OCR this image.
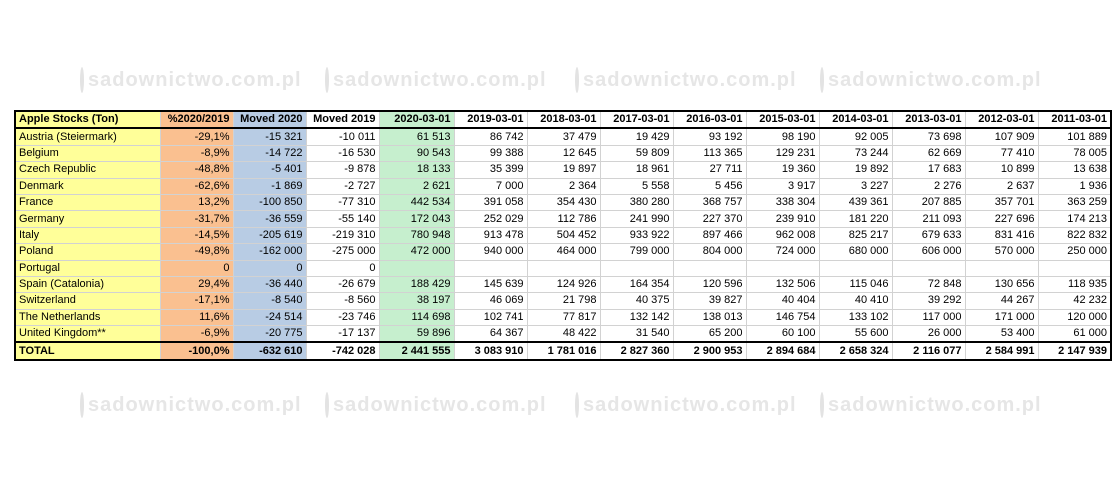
sadownictwo.com.pl sadownictwo.com.pl sadownictwo.com.pl sadownictwo.com.pl
sadownictwo.com.pl sadownictwo.com.pl sadownictwo.com.pl sadownictwo.com.pl
Apple Stocks (Ton)	%2020/2019	Moved 2020	Moved 2019	2020-03-01	2019-03-01	2018-03-01	2017-03-01	2016-03-01	2015-03-01	2014-03-01	2013-03-01	2012-03-01	2011-03-01
Austria (Steiermark)	-29,1%	-15 321	-10 011	61 513	86 742	37 479	19 429	93 192	98 190	92 005	73 698	107 909	101 889
Belgium	-8,9%	-14 722	-16 530	90 543	99 388	12 645	59 809	113 365	129 231	73 244	62 669	77 410	78 005
Czech Republic	-48,8%	-5 401	-9 878	18 133	35 399	19 897	18 961	27 711	19 360	19 892	17 683	10 899	13 638
Denmark	-62,6%	-1 869	-2 727	2 621	7 000	2 364	5 558	5 456	3 917	3 227	2 276	2 637	1 936
France	13,2%	-100 850	-77 310	442 534	391 058	354 430	380 280	368 757	338 304	439 361	207 885	357 701	363 259
Germany	-31,7%	-36 559	-55 140	172 043	252 029	112 786	241 990	227 370	239 910	181 220	211 093	227 696	174 213
Italy	-14,5%	-205 619	-219 310	780 948	913 478	504 452	933 922	897 466	962 008	825 217	679 633	831 416	822 832
Poland	-49,8%	-162 000	-275 000	472 000	940 000	464 000	799 000	804 000	724 000	680 000	606 000	570 000	250 000
Portugal	0	0	0										
Spain (Catalonia)	29,4%	-36 440	-26 679	188 429	145 639	124 926	164 354	120 596	132 506	115 046	72 848	130 656	118 935
Switzerland	-17,1%	-8 540	-8 560	38 197	46 069	21 798	40 375	39 827	40 404	40 410	39 292	44 267	42 232
The Netherlands	11,6%	-24 514	-23 746	114 698	102 741	77 817	132 142	138 013	146 754	133 102	117 000	171 000	120 000
United Kingdom**	-6,9%	-20 775	-17 137	59 896	64 367	48 422	31 540	65 200	60 100	55 600	26 000	53 400	61 000
TOTAL	-100,0%	-632 610	-742 028	2 441 555	3 083 910	1 781 016	2 827 360	2 900 953	2 894 684	2 658 324	2 116 077	2 584 991	2 147 939
